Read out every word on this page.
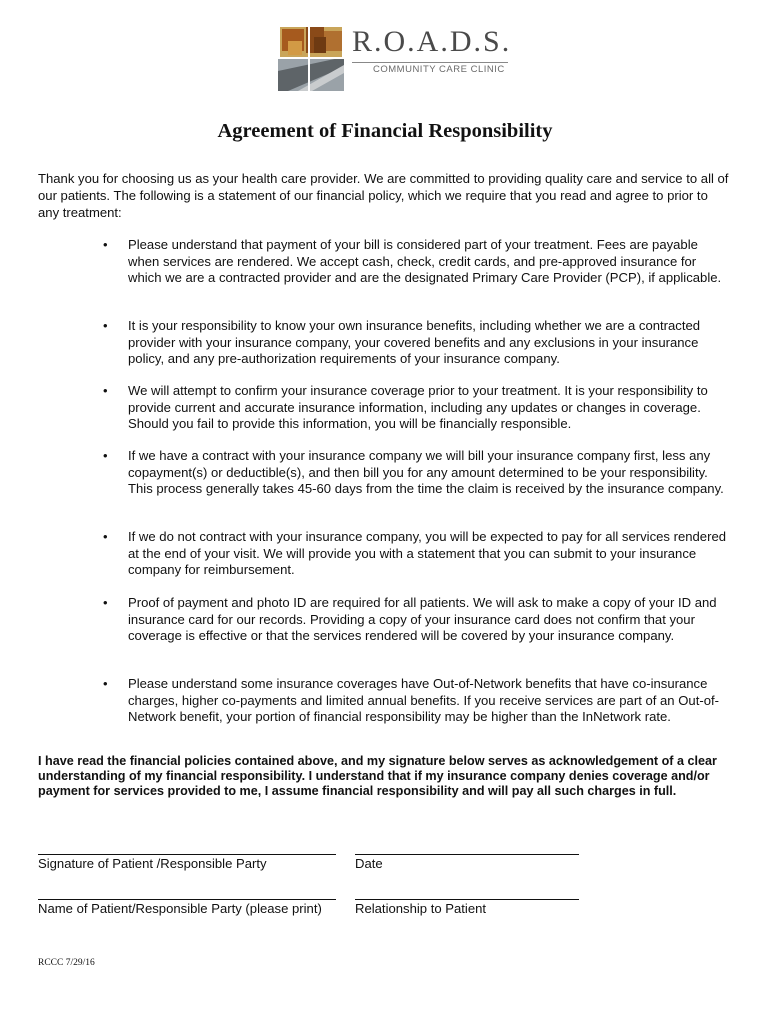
R.O.A.D.S.
COMMUNITY CARE CLINIC
Agreement of Financial Responsibility

Thank you for choosing us as your health care provider. We are committed to providing quality care and service to all of our patients. The following is a statement of our financial policy, which we require that you read and agree to prior to any treatment:

• Please understand that payment of your bill is considered part of your treatment. Fees are payable when services are rendered. We accept cash, check, credit cards, and pre-approved insurance for which we are a contracted provider and are the designated Primary Care Provider (PCP), if applicable.
• It is your responsibility to know your own insurance benefits, including whether we are a contracted provider with your insurance company, your covered benefits and any exclusions in your insurance policy, and any pre-authorization requirements of your insurance company.
• We will attempt to confirm your insurance coverage prior to your treatment. It is your responsibility to provide current and accurate insurance information, including any updates or changes in coverage. Should you fail to provide this information, you will be financially responsible.
• If we have a contract with your insurance company we will bill your insurance company first, less any copayment(s) or deductible(s), and then bill you for any amount determined to be your responsibility. This process generally takes 45-60 days from the time the claim is received by the insurance company.
• If we do not contract with your insurance company, you will be expected to pay for all services rendered at the end of your visit. We will provide you with a statement that you can submit to your insurance company for reimbursement.
• Proof of payment and photo ID are required for all patients. We will ask to make a copy of your ID and insurance card for our records. Providing a copy of your insurance card does not confirm that your coverage is effective or that the services rendered will be covered by your insurance company.
• Please understand some insurance coverages have Out-of-Network benefits that have co-insurance charges, higher co-payments and limited annual benefits. If you receive services are part of an Out-of-Network benefit, your portion of financial responsibility may be higher than the InNetwork rate.

I have read the financial policies contained above, and my signature below serves as acknowledgement of a clear understanding of my financial responsibility. I understand that if my insurance company denies coverage and/or payment for services provided to me, I assume financial responsibility and will pay all such charges in full.

Signature of Patient /Responsible Party	Date
Name of Patient/Responsible Party (please print)	Relationship to Patient
RCCC 7/29/16
